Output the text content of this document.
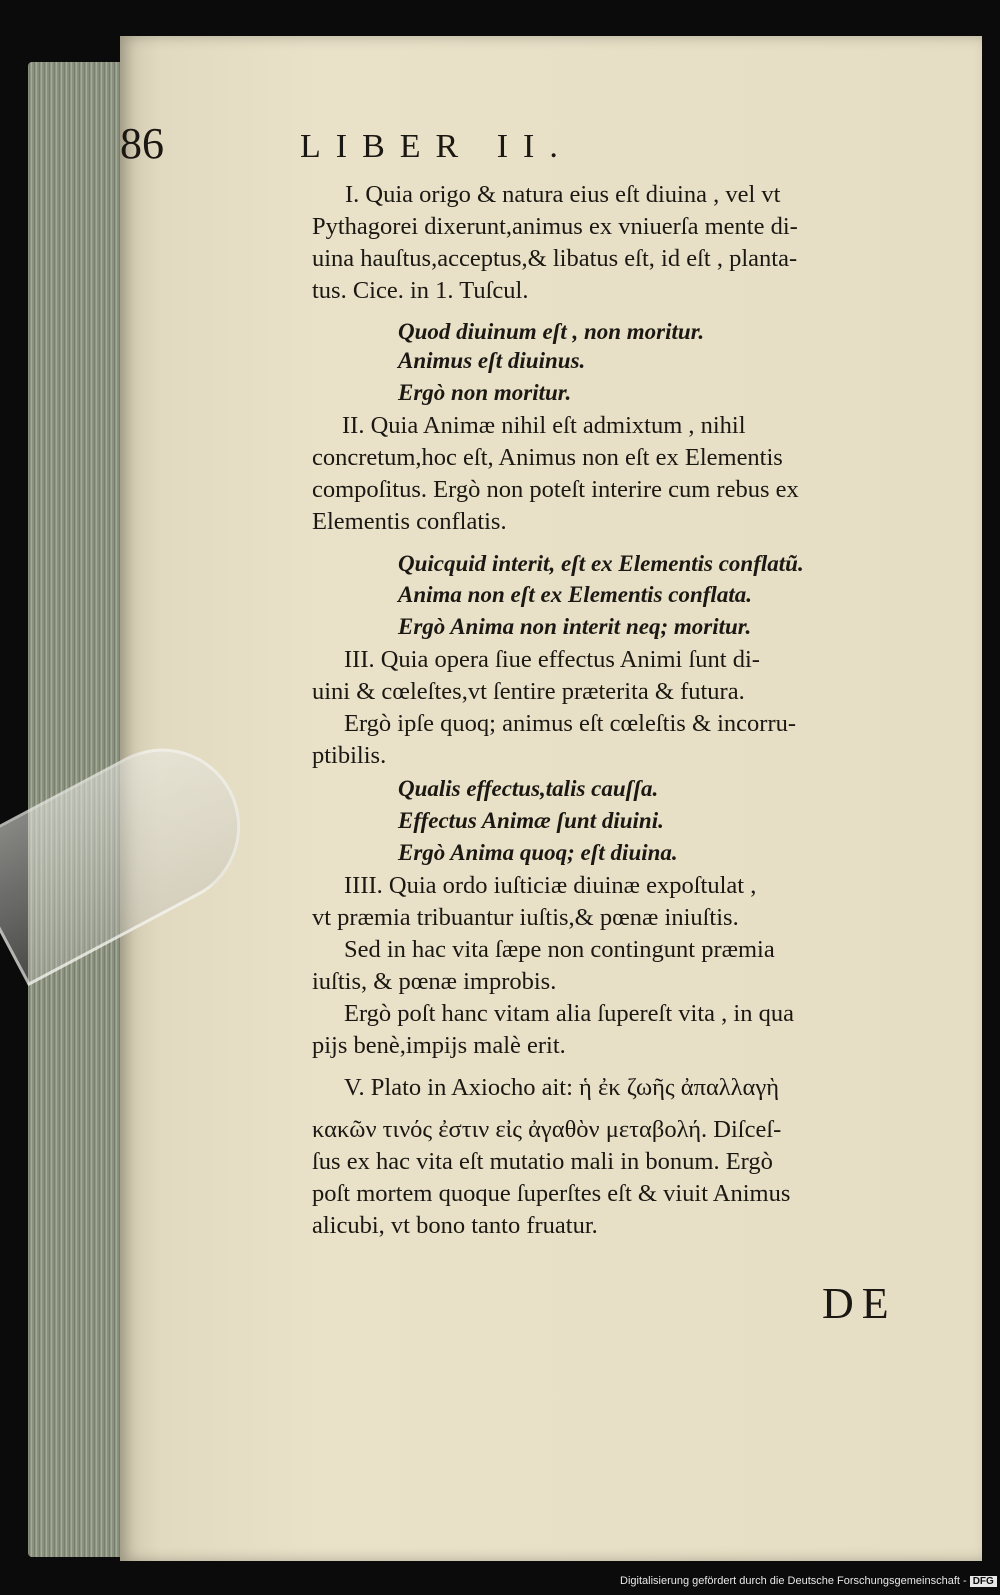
86	LIBER II.
I. Quia origo & natura eius eſt diuina , vel vt
Pythagorei dixerunt,animus ex vniuerſa mente di-
uina hauſtus,acceptus,& libatus eſt, id eſt , planta-
tus. Cice. in 1. Tuſcul.
Quod diuinum eſt , non moritur.
Animus eſt diuinus.
Ergò non moritur.
II. Quia Animæ nihil eſt admixtum , nihil
concretum,hoc eſt, Animus non eſt ex Elementis
compoſitus. Ergò non poteſt interire cum rebus ex
Elementis conflatis.
Quicquid interit, eſt ex Elementis conflatũ.
Anima non eſt ex Elementis conflata.
Ergò Anima non interit neq; moritur.
III. Quia opera ſiue effectus Animi ſunt di-
uini & cœleſtes,vt ſentire præterita & futura.
Ergò ipſe quoq; animus eſt cœleſtis & incorru-
ptibilis.
Qualis effectus,talis cauſſa.
Effectus Animæ ſunt diuini.
Ergò Anima quoq; eſt diuina.
IIII. Quia ordo iuſticiæ diuinæ expoſtulat ,
vt præmia tribuantur iuſtis,& pœnæ iniuſtis.
Sed in hac vita ſæpe non contingunt præmia
iuſtis, & pœnæ improbis.
Ergò poſt hanc vitam alia ſupereſt vita , in qua
pijs benè,impijs malè erit.
V. Plato in Axiocho ait: ἡ ἐκ ζωῆς ἀπαλλαγὴ
κακῶν τινός ἐστιν εἰς ἀγαθὸν μεταβολή. Diſceſ-
ſus ex hac vita eſt mutatio mali in bonum. Ergò
poſt mortem quoque ſuperſtes eſt & viuit Animus
alicubi, vt bono tanto fruatur.
DE
Digitalisierung gefördert durch die Deutsche Forschungsgemeinschaft - DFG
